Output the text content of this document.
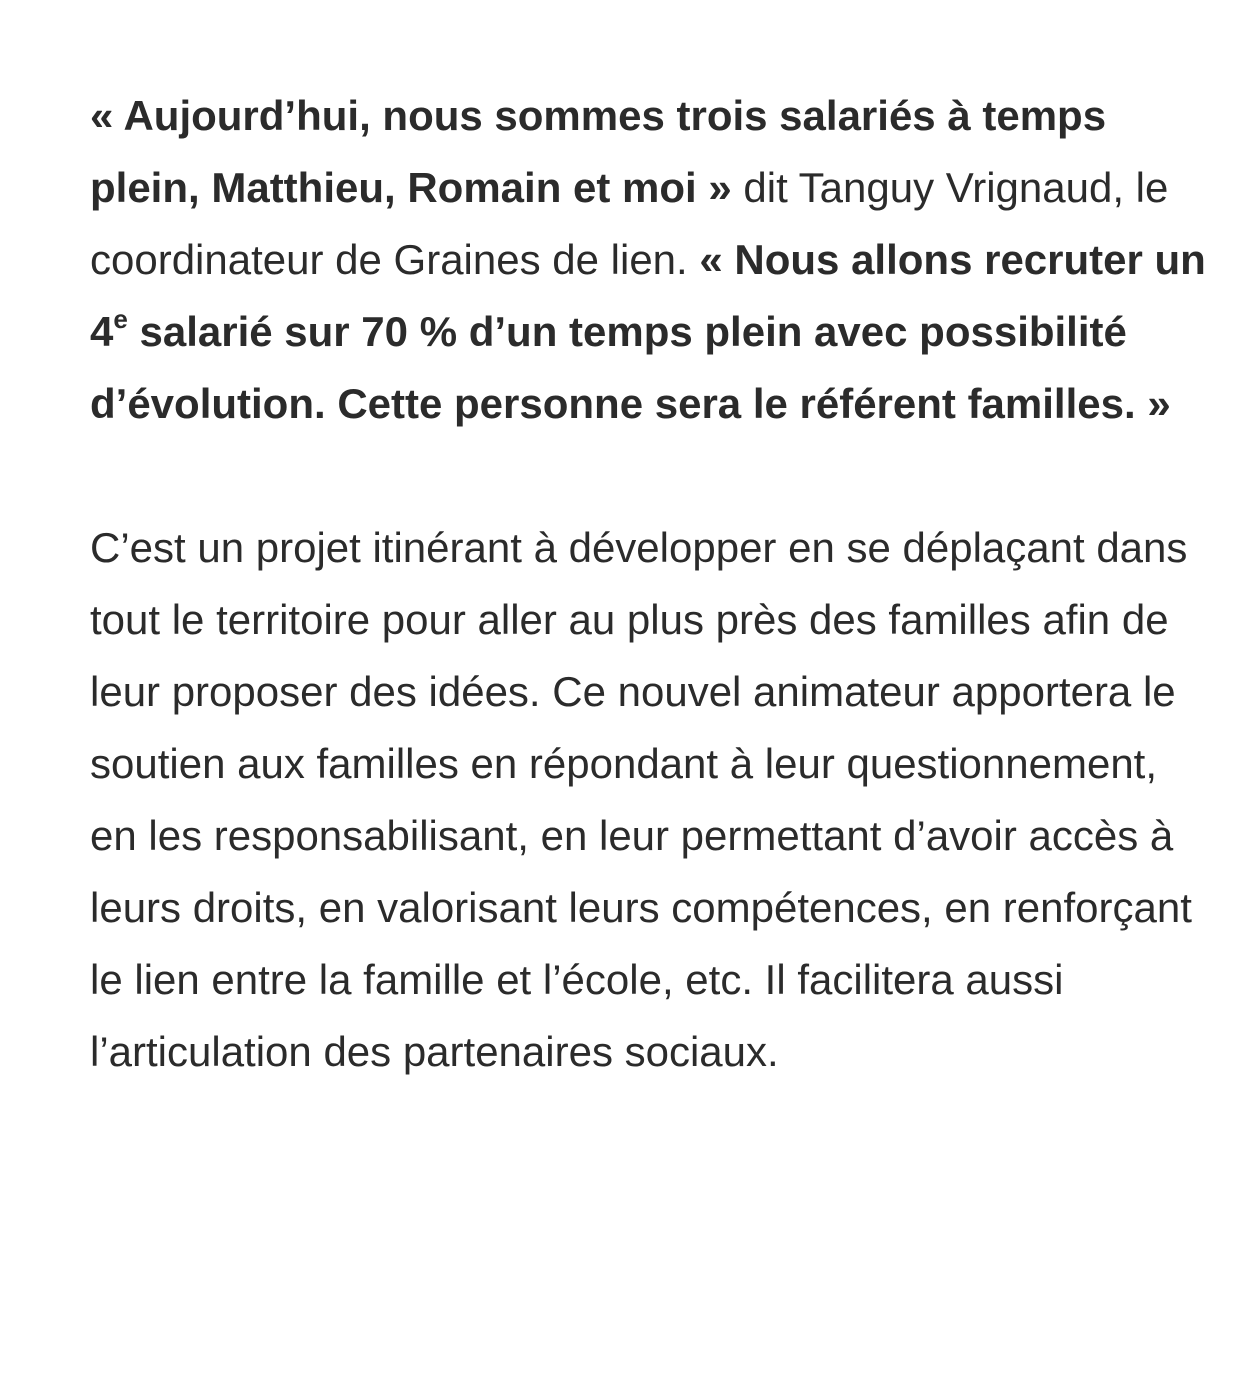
« Aujourd’hui, nous sommes trois salariés à temps plein, Matthieu, Romain et moi » dit Tanguy Vrignaud, le coordinateur de Graines de lien. « Nous allons recruter un 4e salarié sur 70 % d’un temps plein avec possibilité d’évolution. Cette personne sera le référent familles. »

C’est un projet itinérant à développer en se déplaçant dans tout le territoire pour aller au plus près des familles afin de leur proposer des idées. Ce nouvel animateur apportera le soutien aux familles en répondant à leur questionnement, en les responsabilisant, en leur permettant d’avoir accès à leurs droits, en valorisant leurs compétences, en renforçant le lien entre la famille et l’école, etc. Il facilitera aussi l’articulation des partenaires sociaux.
